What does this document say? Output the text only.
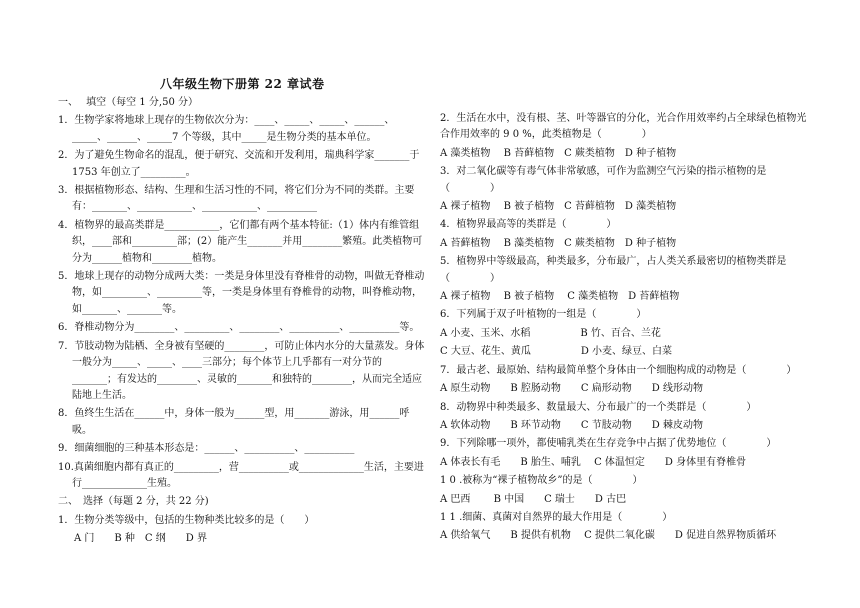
八年级生物下册第 22 章试卷
一、　 填空（每空 1 分,50 分）
1．生物学家将地球上现存的生物依次分为：____、_____、_____、______、_____、______、_____7 个等级，其中_____是生物分类的基本单位。
2．为了避免生物命名的混乱，便于研究、交流和开发利用，瑞典科学家_______于 1753 年创立了_________。
3．根据植物形态、结构、生理和生活习性的不同，将它们分为不同的类群。主要有：_______、___________、___________、__________
4．植物界的最高类群是___________，它们都有两个基本特征:（1）体内有维管组织，____部和_________部；(2）能产生_______并用________繁殖。此类植物可分为______植物和________植物。
5．地球上现存的动物分成两大类：一类是身体里没有脊椎骨的动物，叫做无脊椎动物，如_________、_________等，一类是身体里有脊椎骨的动物，叫脊椎动物，如_______、_______等。
6．脊椎动物分为________、_________、________、__________、__________等。
7．节肢动物为陆栖、全身被有坚硬的________，可防止体内水分的大量蒸发。身体一般分为_____、_____、____三部分；每个体节上几乎都有一对分节的_______；有发达的________、灵敏的_______和独特的________，从而完全适应陆地上生活。
8．鱼终生生活在______中，身体一般为______型，用_______游泳，用______呼吸。
9．细菌细胞的三种基本形态是：______、__________、__________
10.真菌细胞内都有真正的_________，营__________或_____________生活，主要进行_____________生殖。
二、　选择（每题 2 分，共 22 分)
1．生物分类等级中，包括的生物种类比较多的是（　　）
A 门　　B 种　C 纲　　D 界
2．生活在水中，没有根、茎、叶等器官的分化，光合作用效率约占全球绿色植物光合作用效率的 9 0 %，此类植物是（　　　　）
A 藻类植物　 B 苔藓植物　C 蕨类植物　D 种子植物
3．对二氧化碳等有毒气体非常敏感，可作为监测空气污染的指示植物的是（　　　　）
A 裸子植物　 B 被子植物　C 苔藓植物　D 藻类植物
4．植物界最高等的类群是（　　　　）
A 苔藓植物　 B 藻类植物　C 蕨类植物　D 种子植物
5．植物界中等级最高，种类最多，分布最广，占人类关系最密切的植物类群是（　　　　）
A 裸子植物　 B 被子植物　 C 藻类植物　D 苔藓植物
6．下列属于双子叶植物的一组是（　　　　）
A 小麦、玉米、水稻　　　　　B 竹、百合、兰花
C 大豆、花生、黄瓜　　　　　D 小麦、绿豆、白菜
7．最古老、最原始、结构最简单整个身体由一个细胞构成的动物是（　　　　）
A 原生动物　　B 腔肠动物　　C 扁形动物　　D 线形动物
8．动物界中种类最多、数量最大、分布最广的一个类群是（　　　　）
A 软体动物　　B 环节动物　　C 节肢动物　　D 棘皮动物
9．下列除哪一项外，都使哺乳类在生存竞争中占据了优势地位（　　　　）
A 体表长有毛　　B 胎生、哺乳　 C 体温恒定　　D 身体里有脊椎骨
1 0 .被称为“裸子植物故乡”的是（　　　　）
A 巴西　　 B 中国　　C 瑞士　　D 古巴
1 1 .细菌、真菌对自然界的最大作用是（　　　　）
A 供给氧气　　B 提供有机物　 C 提供二氧化碳　　D 促进自然界物质循环
